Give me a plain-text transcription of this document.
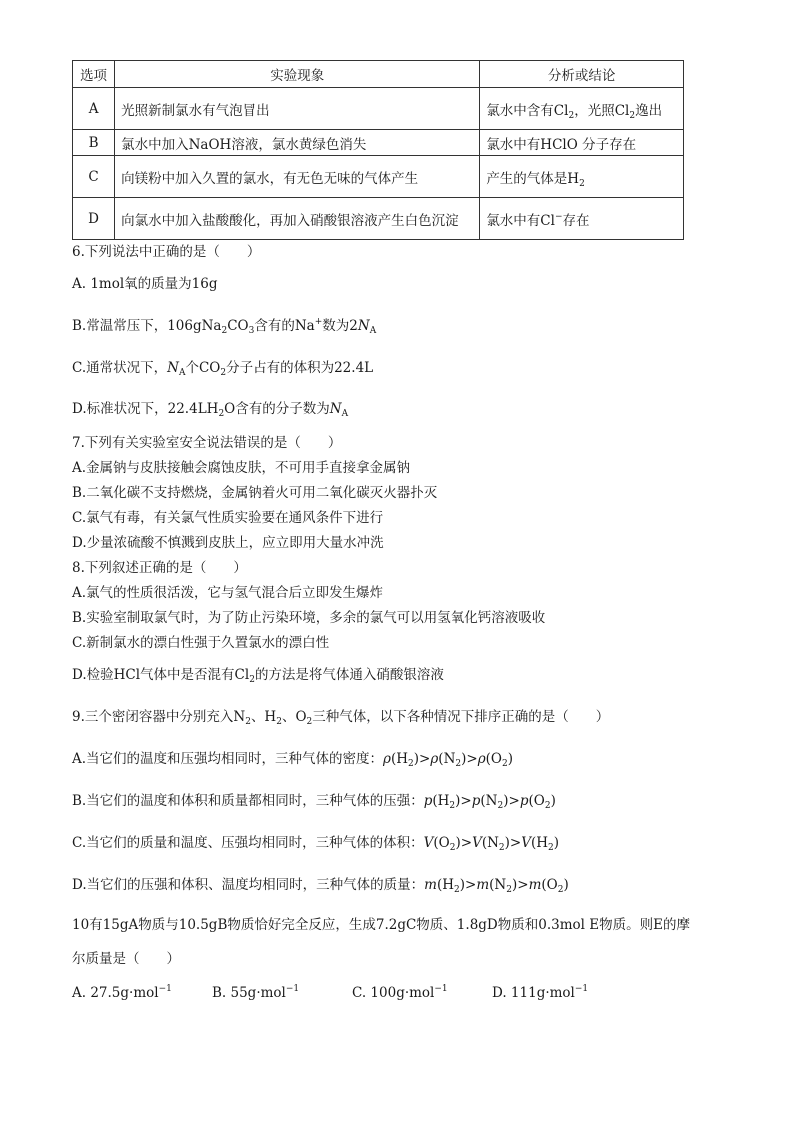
选项	实验现象	分析或结论
A	光照新制氯水有气泡冒出	氯水中含有$Cl_2$，光照$Cl_2$逸出
B	氯水中加入NaOH溶液，氯水黄绿色消失	氯水中有HClO 分子存在
C	向镁粉中加入久置的氯水，有无色无味的气体产生	产生的气体是$H_2$
D	向氯水中加入盐酸酸化，再加入硝酸银溶液产生白色沉淀	氯水中有Cl−存在
6.下列说法中正确的是（　　）
A. 1mol氧的质量为16g
B.常温常压下，$106gNa_2CO_3$含有的Na+数为$2N_A$
C.通常状况下，$N_A$个$CO_2$分子占有的体积为22.4L
D.标准状况下，$22.4LH_2O$含有的分子数为$N_A$
7.下列有关实验室安全说法错误的是（　　）
A.金属钠与皮肤接触会腐蚀皮肤，不可用手直接拿金属钠
B.二氧化碳不支持燃烧，金属钠着火可用二氧化碳灭火器扑灭
C.氯气有毒，有关氯气性质实验要在通风条件下进行
D.少量浓硫酸不慎溅到皮肤上，应立即用大量水冲洗
8.下列叙述正确的是（　　）
A.氯气的性质很活泼，它与氢气混合后立即发生爆炸
B.实验室制取氯气时，为了防止污染环境，多余的氯气可以用氢氧化钙溶液吸收
C.新制氯水的漂白性强于久置氯水的漂白性
D.检验HCl气体中是否混有$Cl_2$的方法是将气体通入硝酸银溶液
9.三个密闭容器中分别充入$N_2$、$H_2$、$O_2$三种气体，以下各种情况下排序正确的是（　　）
A.当它们的温度和压强均相同时，三种气体的密度：$\rho(H_2)>\rho(N_2)>\rho(O_2)$
B.当它们的温度和体积和质量都相同时，三种气体的压强：$p(H_2)>p(N_2)>p(O_2)$
C.当它们的质量和温度、压强均相同时，三种气体的体积：$V(O_2)>V(N_2)>V(H_2)$
D.当它们的压强和体积、温度均相同时，三种气体的质量：$m(H_2)>m(N_2)>m(O_2)$
10有15gA物质与10.5gB物质恰好完全反应，生成7.2gC物质、1.8gD物质和0.3mol E物质。则E的摩
尔质量是（　　）
A. 27.5g·mol$^{-1}$	B. 55g·mol$^{-1}$	C. 100g·mol$^{-1}$	D. 111g·mol$^{-1}$
